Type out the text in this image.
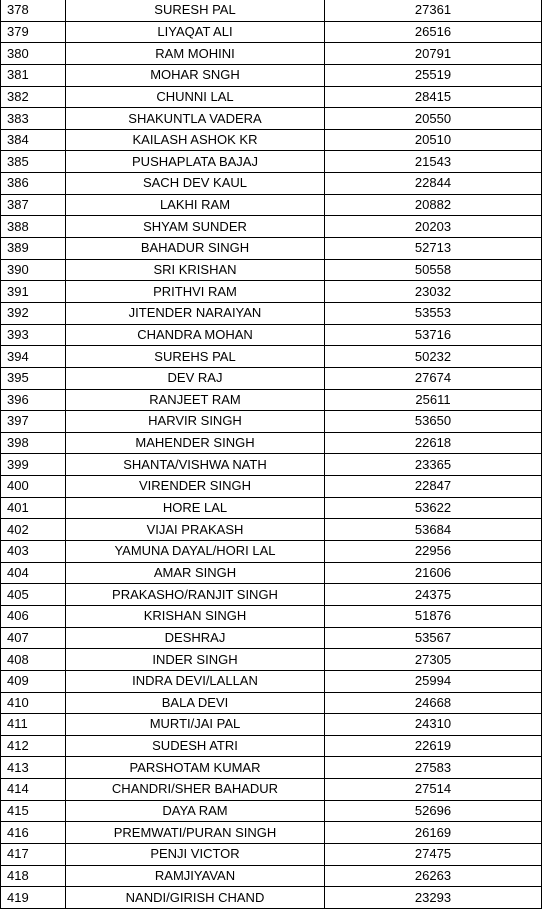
378	SURESH PAL	27361
379	LIYAQAT ALI	26516
380	RAM MOHINI	20791
381	MOHAR SNGH	25519
382	CHUNNI LAL	28415
383	SHAKUNTLA VADERA	20550
384	KAILASH ASHOK KR	20510
385	PUSHAPLATA BAJAJ	21543
386	SACH DEV KAUL	22844
387	LAKHI RAM	20882
388	SHYAM SUNDER	20203
389	BAHADUR SINGH	52713
390	SRI KRISHAN	50558
391	PRITHVI RAM	23032
392	JITENDER NARAIYAN	53553
393	CHANDRA MOHAN	53716
394	SUREHS PAL	50232
395	DEV RAJ	27674
396	RANJEET RAM	25611
397	HARVIR SINGH	53650
398	MAHENDER SINGH	22618
399	SHANTA/VISHWA NATH	23365
400	VIRENDER SINGH	22847
401	HORE LAL	53622
402	VIJAI PRAKASH	53684
403	YAMUNA DAYAL/HORI LAL	22956
404	AMAR SINGH	21606
405	PRAKASHO/RANJIT SINGH	24375
406	KRISHAN SINGH	51876
407	DESHRAJ	53567
408	INDER SINGH	27305
409	INDRA DEVI/LALLAN	25994
410	BALA DEVI	24668
411	MURTI/JAI PAL	24310
412	SUDESH ATRI	22619
413	PARSHOTAM KUMAR	27583
414	CHANDRI/SHER BAHADUR	27514
415	DAYA RAM	52696
416	PREMWATI/PURAN SINGH	26169
417	PENJI VICTOR	27475
418	RAMJIYAVAN	26263
419	NANDI/GIRISH CHAND	23293
